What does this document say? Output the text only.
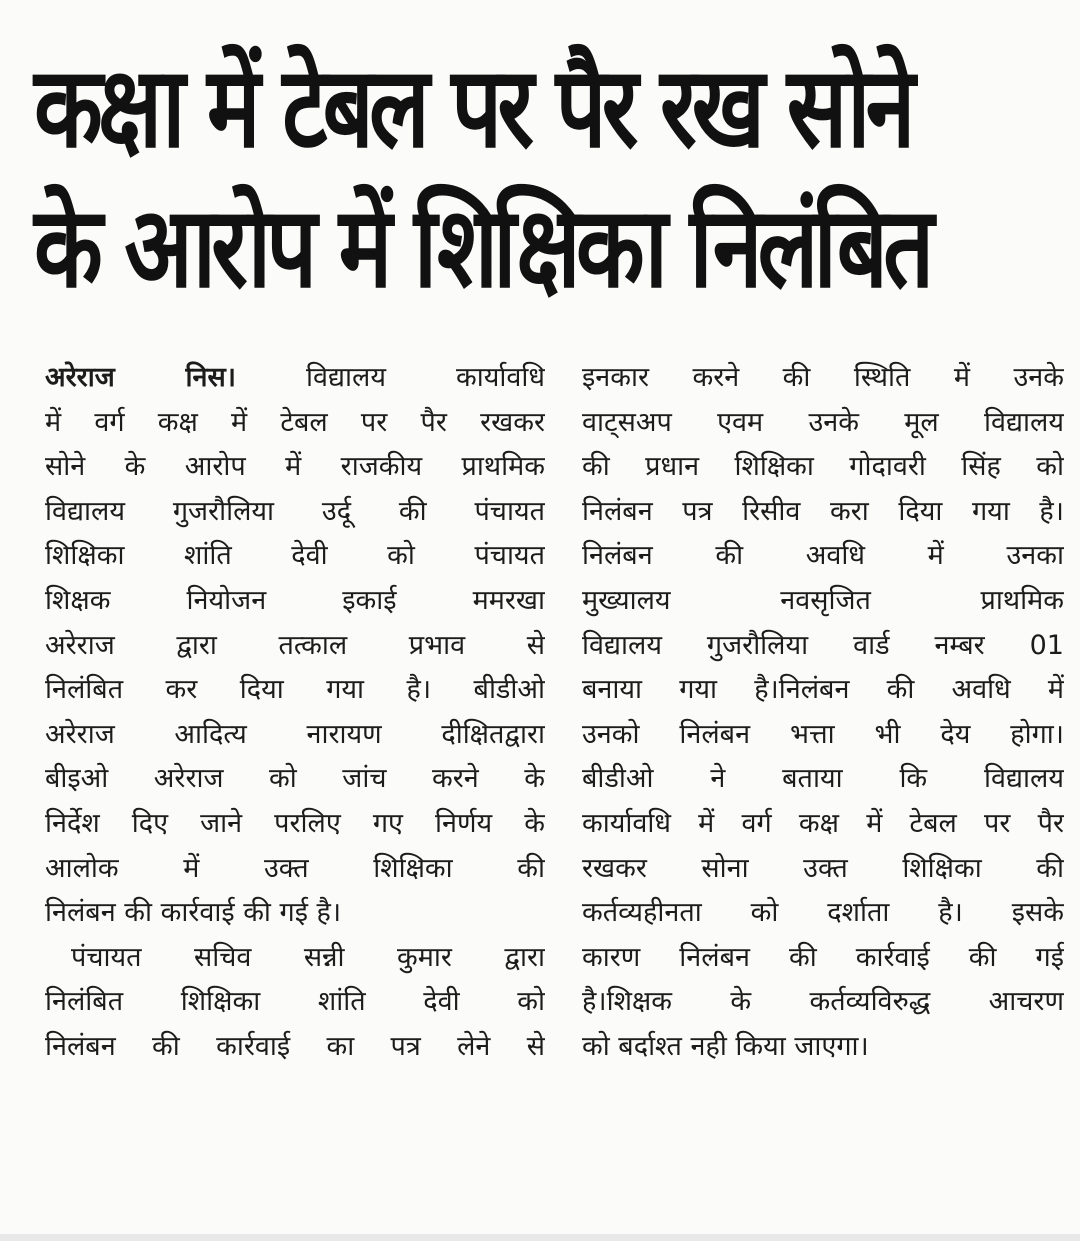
कक्षा में टेबल पर पैर रख सोने
के आरोप में शिक्षिका निलंबित
अरेराज निस।	विद्यालय कार्यावधि
में वर्ग कक्ष में टेबल पर पैर रखकर
सोने के आरोप में राजकीय प्राथमिक
विद्यालय गुजरौलिया उर्दू की पंचायत
शिक्षिका शांति देवी को पंचायत
शिक्षक नियोजन इकाई ममरखा
अरेराज द्वारा तत्काल प्रभाव से
निलंबित कर दिया गया है। बीडीओ
अरेराज आदित्य नारायण दीक्षितद्वारा
बीइओ अरेराज को जांच करने के
निर्देश दिए जाने परलिए गए निर्णय के
आलोक में उक्त शिक्षिका की
निलंबन की कार्रवाई की गई है।
पंचायत सचिव सन्नी कुमार द्वारा
निलंबित शिक्षिका शांति देवी को
निलंबन की कार्रवाई का पत्र लेने से
इनकार करने की स्थिति में उनके
वाट्सअप एवम उनके मूल विद्यालय
की प्रधान शिक्षिका गोदावरी सिंह को
निलंबन पत्र रिसीव करा दिया गया है।
निलंबन की अवधि में उनका
मुख्यालय नवसृजित प्राथमिक
विद्यालय गुजरौलिया वार्ड नम्बर 01
बनाया गया है।निलंबन की अवधि में
उनको निलंबन भत्ता भी देय होगा।
बीडीओ ने बताया कि विद्यालय
कार्यावधि में वर्ग कक्ष में टेबल पर पैर
रखकर सोना उक्त शिक्षिका की
कर्तव्यहीनता को दर्शाता है। इसके
कारण निलंबन की कार्रवाई की गई
है।शिक्षक के कर्तव्यविरुद्ध आचरण
को बर्दाश्त नही किया जाएगा।
